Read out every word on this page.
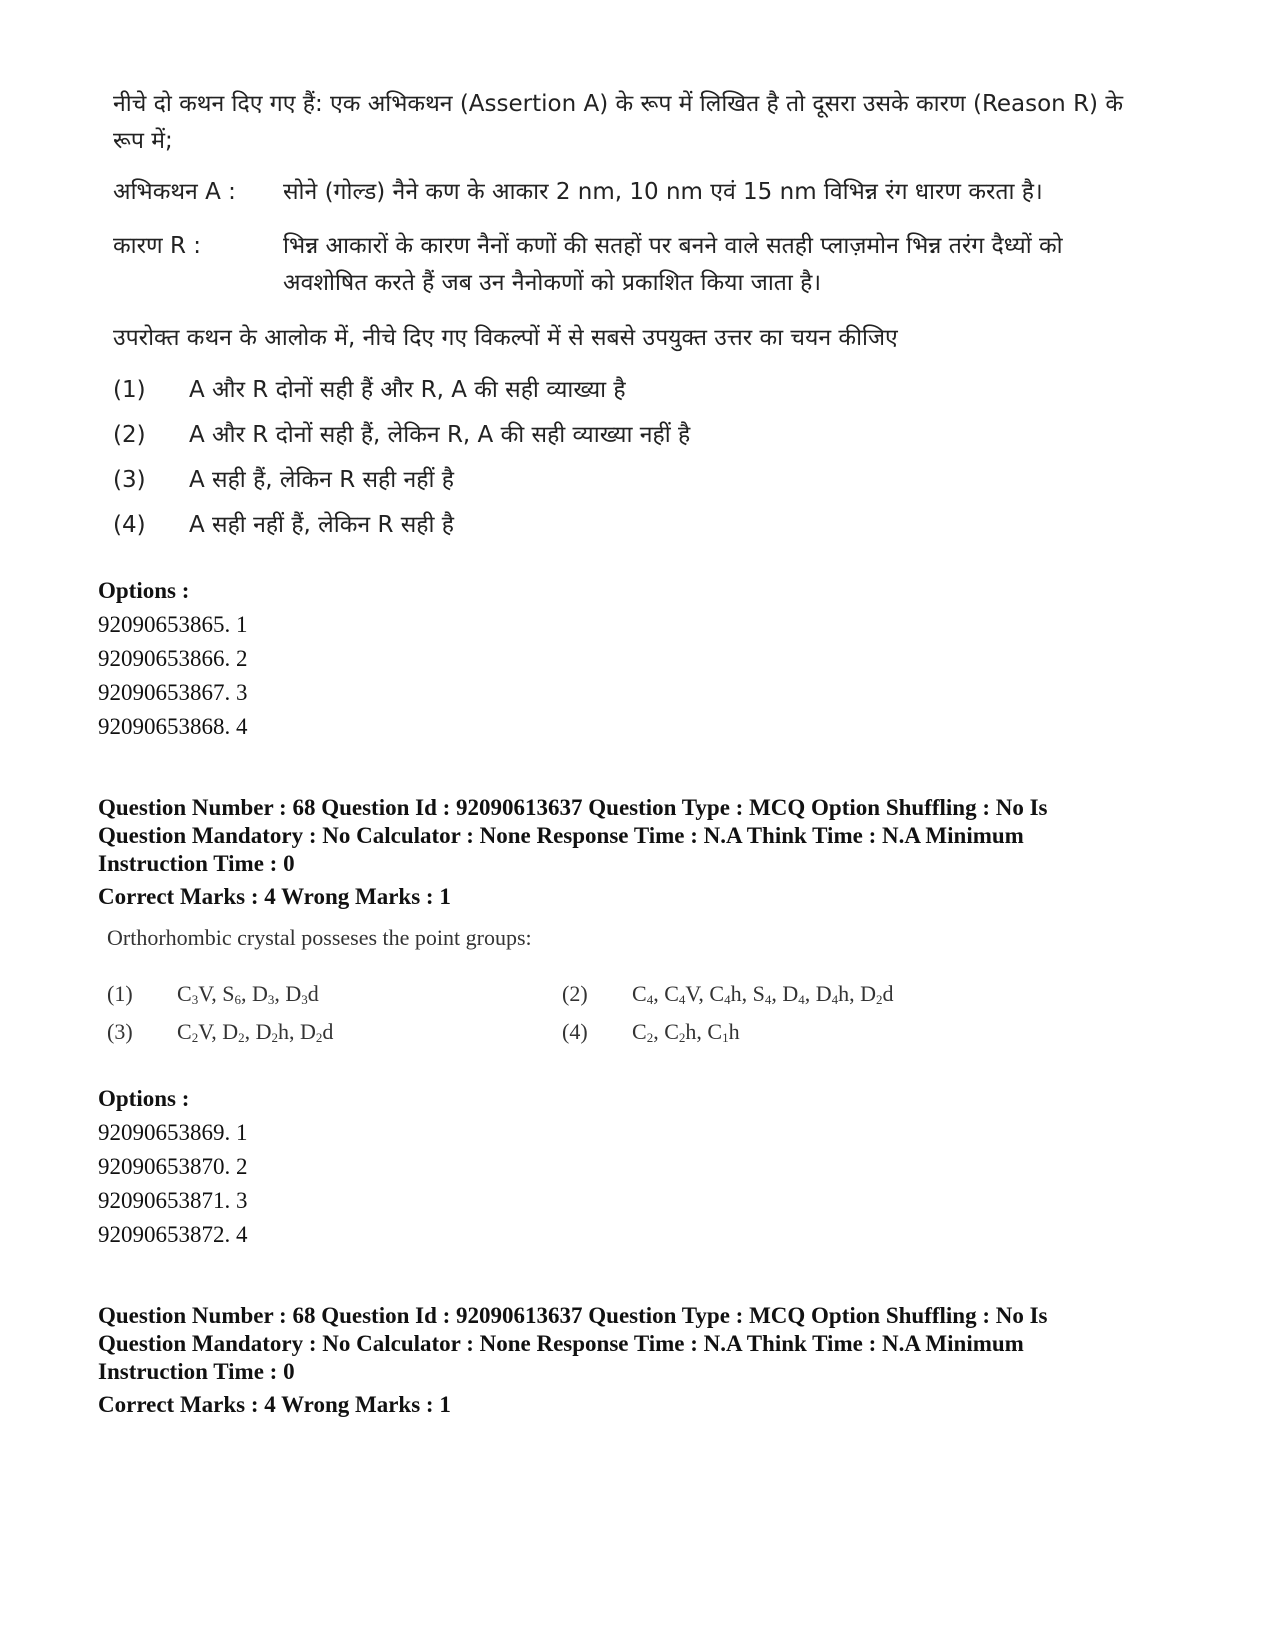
नीचे दो कथन दिए गए हैं: एक अभिकथन (Assertion A) के रूप में लिखित है तो दूसरा उसके कारण (Reason R) के रूप में;
अभिकथन A : सोने (गोल्ड) नैने कण के आकार 2 nm, 10 nm एवं 15 nm विभिन्न रंग धारण करता है।
कारण R :	भिन्न आकारों के कारण नैनों कणों की सतहों पर बनने वाले सतही प्लाज़मोन भिन्न तरंग दैध्यों को अवशोषित करते हैं जब उन नैनोकणों को प्रकाशित किया जाता है।
उपरोक्त कथन के आलोक में, नीचे दिए गए विकल्पों में से सबसे उपयुक्त उत्तर का चयन कीजिए
(1) A और R दोनों सही हैं और R, A की सही व्याख्या है
(2) A और R दोनों सही हैं, लेकिन R, A की सही व्याख्या नहीं है
(3) A सही हैं, लेकिन R सही नहीं है
(4) A सही नहीं हैं, लेकिन R सही है
Options :
92090653865. 1
92090653866. 2
92090653867. 3
92090653868. 4
Question Number : 68 Question Id : 92090613637 Question Type : MCQ Option Shuffling : No Is
Question Mandatory : No Calculator : None Response Time : N.A Think Time : N.A Minimum
Instruction Time : 0
Correct Marks : 4 Wrong Marks : 1
Orthorhombic crystal posseses the point groups:
(1) $C_3V$, $S_6$, $D_3$, $D_3d$	(2) $C_4$, $C_4V$, $C_4h$, $S_4$, $D_4$, $D_4h$, $D_2d$
(3) $C_2V$, $D_2$, $D_2h$, $D_2d$	(4) $C_2$, $C_2h$, $C_1h$
Options :
92090653869. 1
92090653870. 2
92090653871. 3
92090653872. 4
Question Number : 68 Question Id : 92090613637 Question Type : MCQ Option Shuffling : No Is
Question Mandatory : No Calculator : None Response Time : N.A Think Time : N.A Minimum
Instruction Time : 0
Correct Marks : 4 Wrong Marks : 1
